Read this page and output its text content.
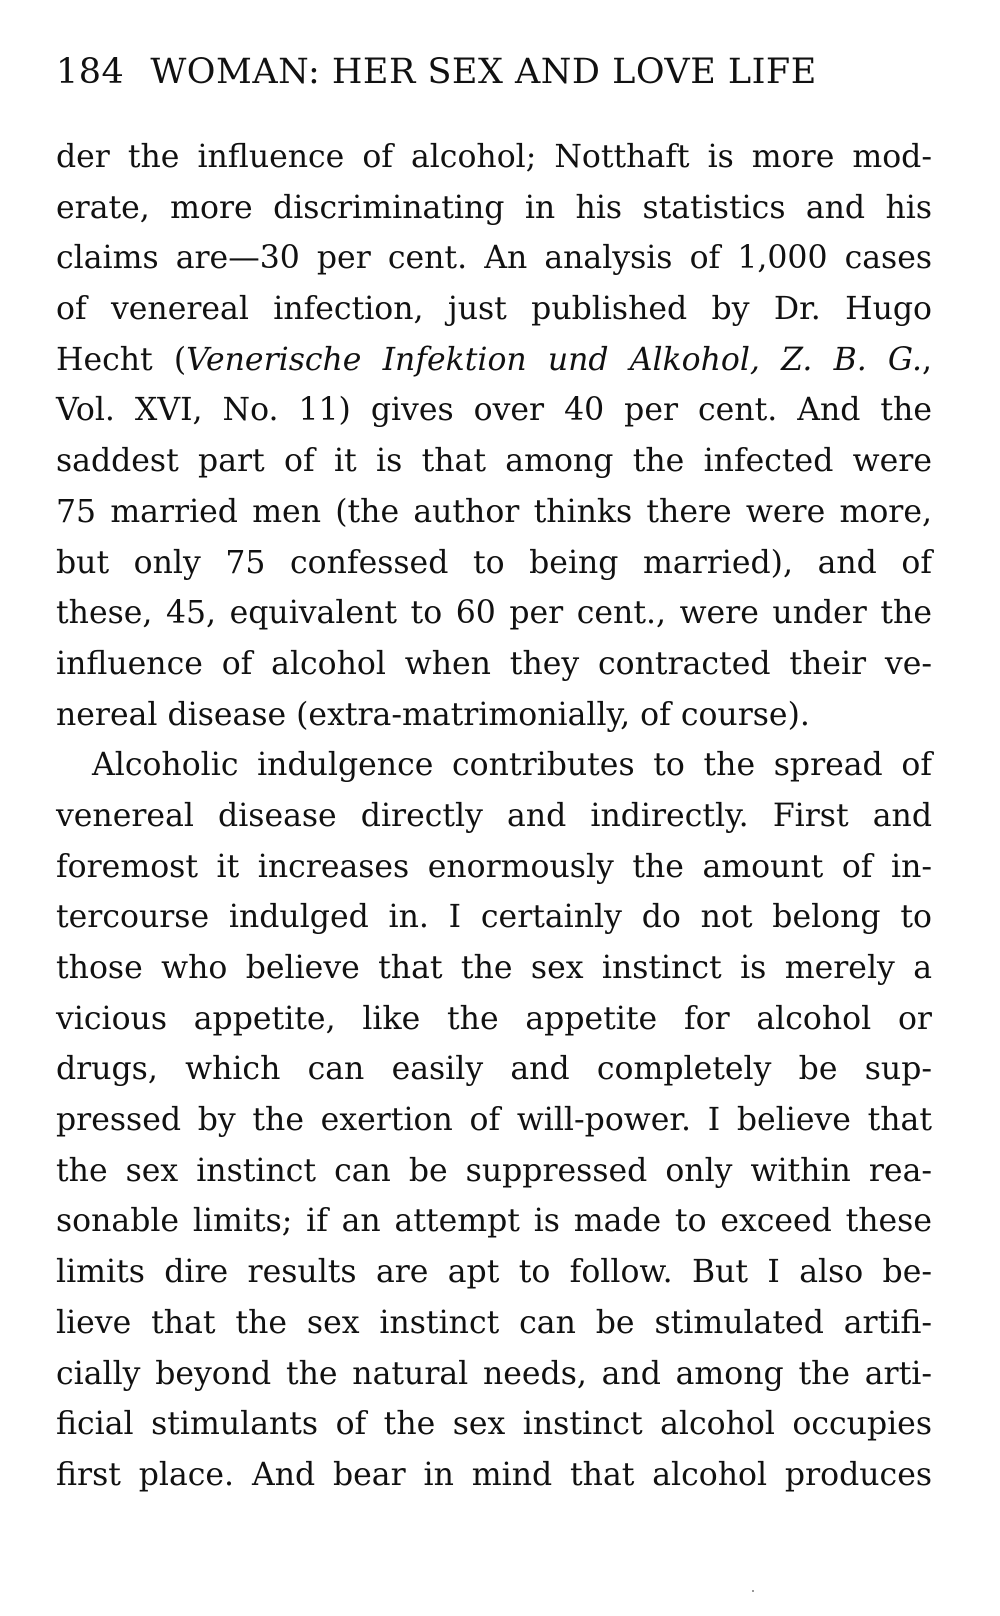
184 WOMAN: HER SEX AND LOVE LIFE
der the influence of alcohol; Notthaft is more mod-
erate, more discriminating in his statistics and his
claims are—30 per cent. An analysis of 1,000 cases
of venereal infection, just published by Dr. Hugo
Hecht (Venerische Infektion und Alkohol, Z. B. G.,
Vol. XVI, No. 11) gives over 40 per cent. And the
saddest part of it is that among the infected were
75 married men (the author thinks there were more,
but only 75 confessed to being married), and of
these, 45, equivalent to 60 per cent., were under the
influence of alcohol when they contracted their ve-
nereal disease (extra-matrimonially, of course).
Alcoholic indulgence contributes to the spread of
venereal disease directly and indirectly. First and
foremost it increases enormously the amount of in-
tercourse indulged in. I certainly do not belong to
those who believe that the sex instinct is merely a
vicious appetite, like the appetite for alcohol or
drugs, which can easily and completely be sup-
pressed by the exertion of will-power. I believe that
the sex instinct can be suppressed only within rea-
sonable limits; if an attempt is made to exceed these
limits dire results are apt to follow. But I also be-
lieve that the sex instinct can be stimulated artifi-
cially beyond the natural needs, and among the arti-
ficial stimulants of the sex instinct alcohol occupies
first place. And bear in mind that alcohol produces
